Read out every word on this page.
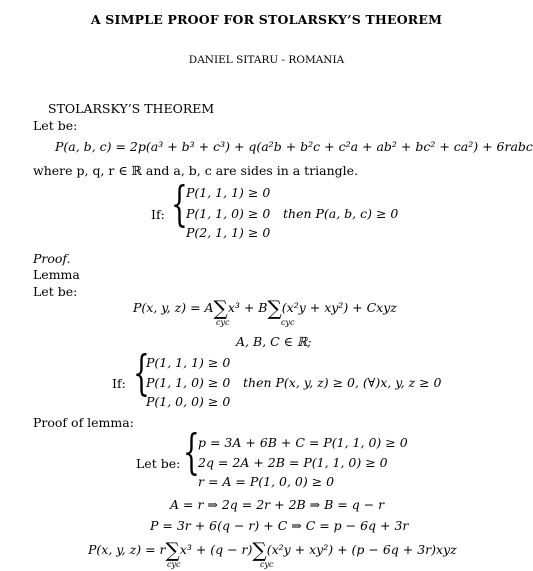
A SIMPLE PROOF FOR STOLARSKY’S THEOREM
DANIEL SITARU - ROMANIA
STOLARSKY’S THEOREM
Let be:
P(a, b, c) = 2p(a³ + b³ + c³) + q(a²b + b²c + c²a + ab² + bc² + ca²) + 6rabc
where p, q, r ∈ ℝ and a, b, c are sides in a triangle.
If: {
P(1, 1, 1) ≥ 0
P(1, 1, 0) ≥ 0
P(2, 1, 1) ≥ 0
then P(a, b, c) ≥ 0
Proof.
Lemma
Let be:
P(x, y, z) = A∑x³ + B∑(x²y + xy²) + Cxyz
cyc	cyc
A, B, C ∈ ℝ;
If: {
P(1, 1, 1) ≥ 0
P(1, 1, 0) ≥ 0
P(1, 0, 0) ≥ 0
then P(x, y, z) ≥ 0, (∀)x, y, z ≥ 0
Proof of lemma:
Let be: {
p = 3A + 6B + C = P(1, 1, 0) ≥ 0
2q = 2A + 2B = P(1, 1, 0) ≥ 0
r = A = P(1, 0, 0) ≥ 0
A = r ⇒ 2q = 2r + 2B ⇒ B = q − r
P = 3r + 6(q − r) + C ⇒ C = p − 6q + 3r
P(x, y, z) = r∑x³ + (q − r)∑(x²y + xy²) + (p − 6q + 3r)xyz
cyc	cyc
